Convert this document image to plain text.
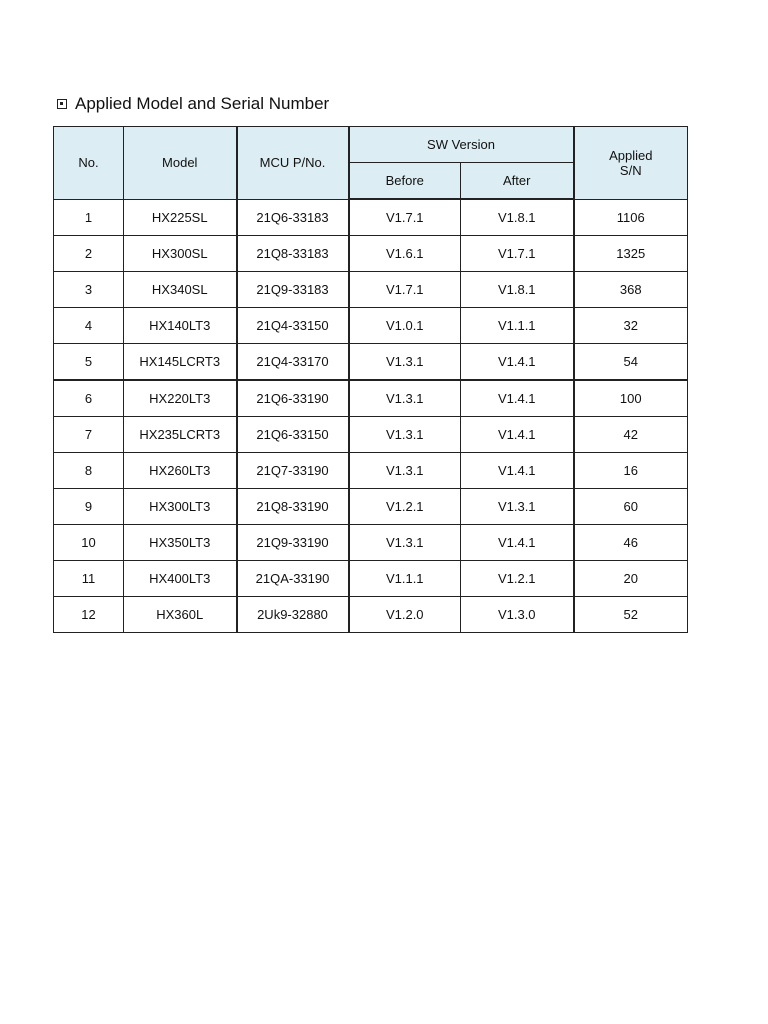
Applied Model and Serial Number
No.	Model	MCU P/No.	SW Version		Applied
S/N

			Before	After	
1	HX225SL	21Q6-33183	V1.7.1	V1.8.1	1106
2	HX300SL	21Q8-33183	V1.6.1	V1.7.1	1325
3	HX340SL	21Q9-33183	V1.7.1	V1.8.1	368
4	HX140LT3	21Q4-33150	V1.0.1	V1.1.1	32
5	HX145LCRT3	21Q4-33170	V1.3.1	V1.4.1	54
6	HX220LT3	21Q6-33190	V1.3.1	V1.4.1	100
7	HX235LCRT3	21Q6-33150	V1.3.1	V1.4.1	42
8	HX260LT3	21Q7-33190	V1.3.1	V1.4.1	16
9	HX300LT3	21Q8-33190	V1.2.1	V1.3.1	60
10	HX350LT3	21Q9-33190	V1.3.1	V1.4.1	46
11	HX400LT3	21QA-33190	V1.1.1	V1.2.1	20
12	HX360L	2Uk9-32880	V1.2.0	V1.3.0	52
